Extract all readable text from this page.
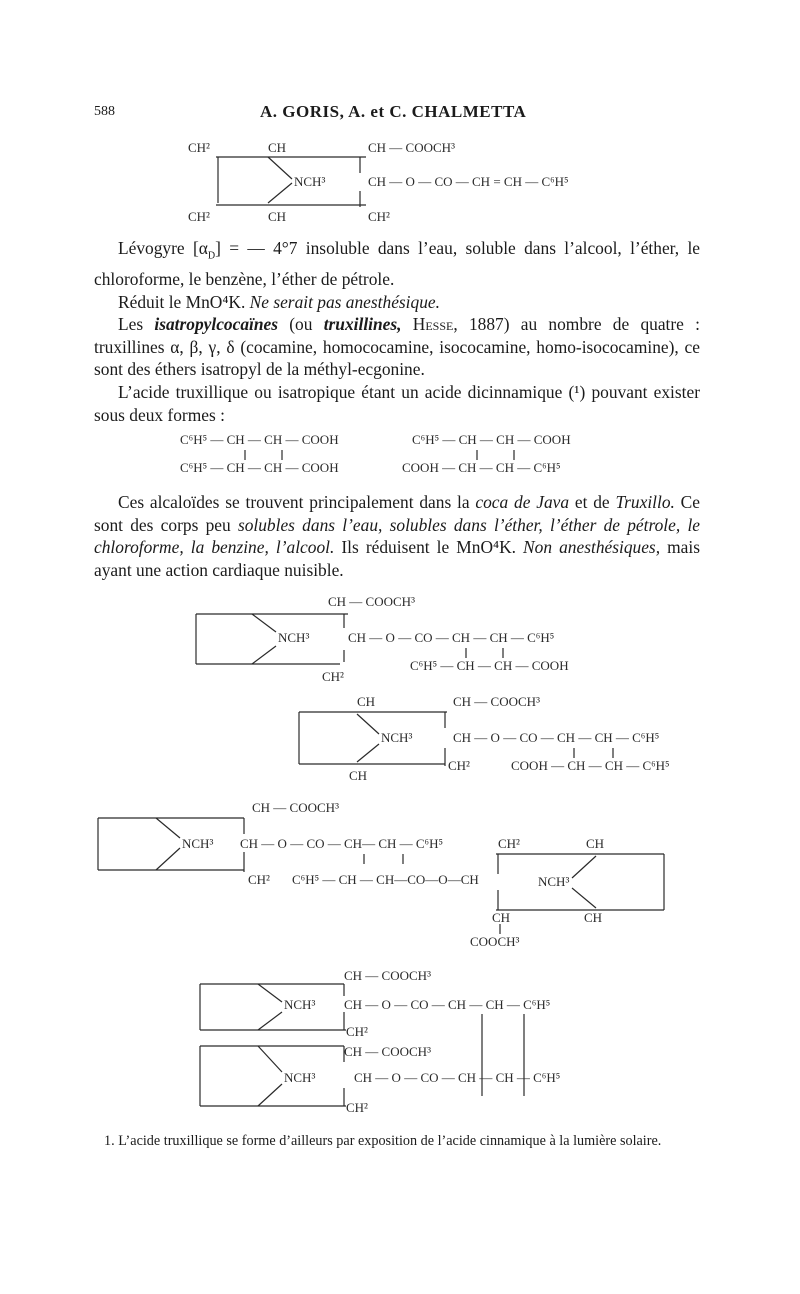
588	A. GORIS, A. et C. CHALMETTA
CH²	CH	CH — COOCH³
NCH³	CH — O — CO — CH = CH — C⁶H⁵
CH²	CH	CH²

Lévogyre $[\alpha_D]$ = — 4°7 insoluble dans l’eau, soluble dans l’alcool, l’éther, le chloroforme, le benzène, l’éther de pétrole.

Réduit le MnO⁴K. Ne serait pas anesthésique.

Les isatropylcocaïnes (ou truxillines, Hesse, 1887) au nombre de quatre : truxillines α, β, γ, δ (cocamine, homococamine, isococamine, homo-isococamine), ce sont des éthers isatropyl de la méthyl-ecgonine.

L’acide truxillique ou isatropique étant un acide dicinnamique (¹) pouvant exister sous deux formes :

C⁶H⁵ — CH — CH — COOH
C⁶H⁵ — CH — CH — COOH
C⁶H⁵ — CH — CH — COOH
COOH — CH — CH — C⁶H⁵

Ces alcaloïdes se trouvent principalement dans la coca de Java et de Truxillo. Ce sont des corps peu solubles dans l’eau, solubles dans l’éther, l’éther de pétrole, le chloroforme, la benzine, l’alcool. Ils réduisent le MnO⁴K. Non anesthésiques, mais ayant une action cardiaque nuisible.

CH — COOCH³
NCH³	CH — O — CO — CH — CH — C⁶H⁵
C⁶H⁵ — CH — CH — COOH
CH²
CH	CH — COOCH³
NCH³	CH — O — CO — CH — CH — C⁶H⁵
CH
CH²	COOH — CH — CH — C⁶H⁵
CH — COOCH³
NCH³ CH — O — CO — CH— CH — C⁶H⁵
CH² C⁶H⁵ — CH — CH—CO—O—CH
CH²	CH
NCH³
CH	CH
COOCH³
CH — COOCH³
NCH³ CH — O — CO — CH — CH — C⁶H⁵
CH²
CH — COOCH³
NCH³	CH — O — CO — CH — CH — C⁶H⁵
CH²

1. L’acide truxillique se forme d’ailleurs par exposition de l’acide cinnamique à la lumière solaire.
